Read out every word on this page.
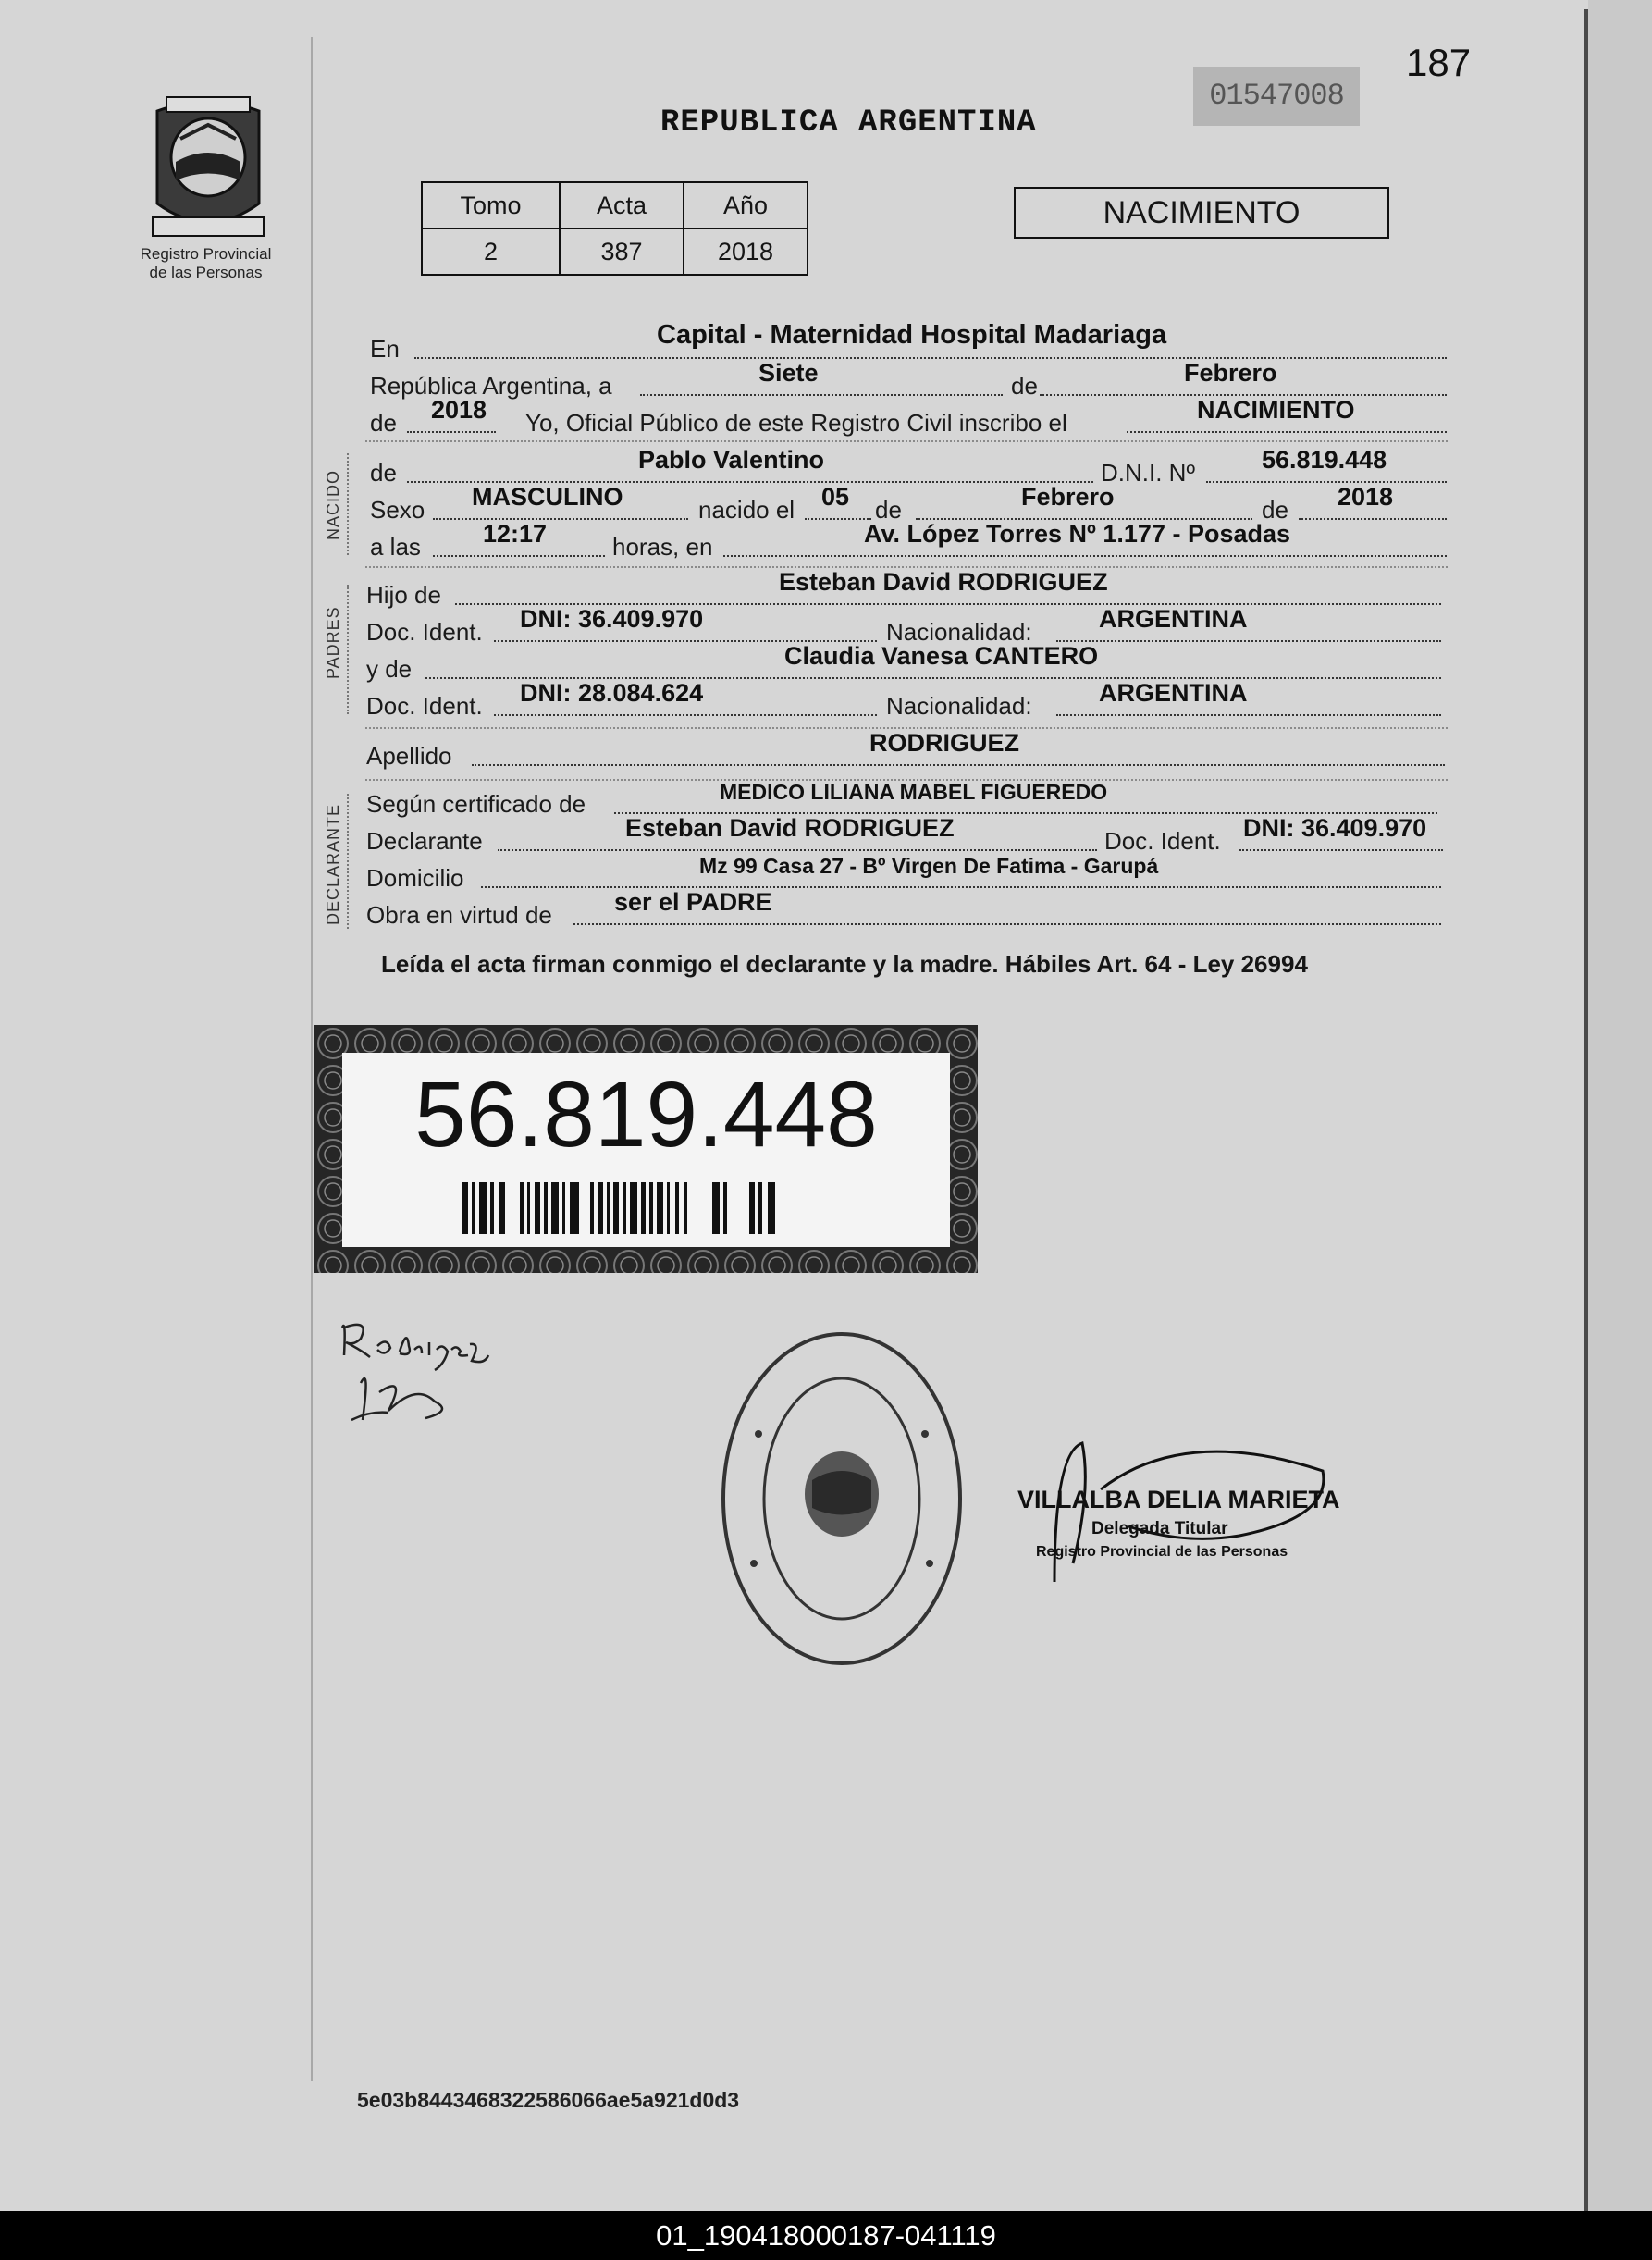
Registro Provincial
de las Personas
187
01547008
REPUBLICA ARGENTINA
Tomo	Acta	Año
2	387	2018
NACIMIENTO
En	Capital - Maternidad Hospital Madariaga
República Argentina, a	Siete	de	Febrero
de 2018 Yo, Oficial Público de este Registro Civil inscribo el	NACIMIENTO
NACIDO de	Pablo Valentino	D.N.I. Nº	56.819.448
Sexo MASCULINO	nacido el 05 de	Febrero	de 2018
a las 12:17	horas, en	Av. López Torres Nº 1.177 - Posadas
PADRES
Hijo de	Esteban David RODRIGUEZ
Doc. Ident. DNI: 36.409.970	Nacionalidad:	ARGENTINA
y de	Claudia Vanesa CANTERO
Doc. Ident. DNI: 28.084.624	Nacionalidad:	ARGENTINA
Apellido	RODRIGUEZ
DECLARANTE Según certificado de	MEDICO LILIANA MABEL FIGUEREDO
Declarante	Esteban David RODRIGUEZ	Doc. Ident. DNI: 36.409.970
Domicilio	Mz 99 Casa 27 - Bº Virgen De Fatima - Garupá
Obra en virtud de ser el PADRE
Leída el acta firman conmigo el declarante y la madre. Hábiles Art. 64 - Ley 26994
56.819.448
VILLALBA DELIA MARIETA
Delegada Titular
Registro Provincial de las Personas
5e03b8443468322586066ae5a921d0d3
01_190418000187-041119
